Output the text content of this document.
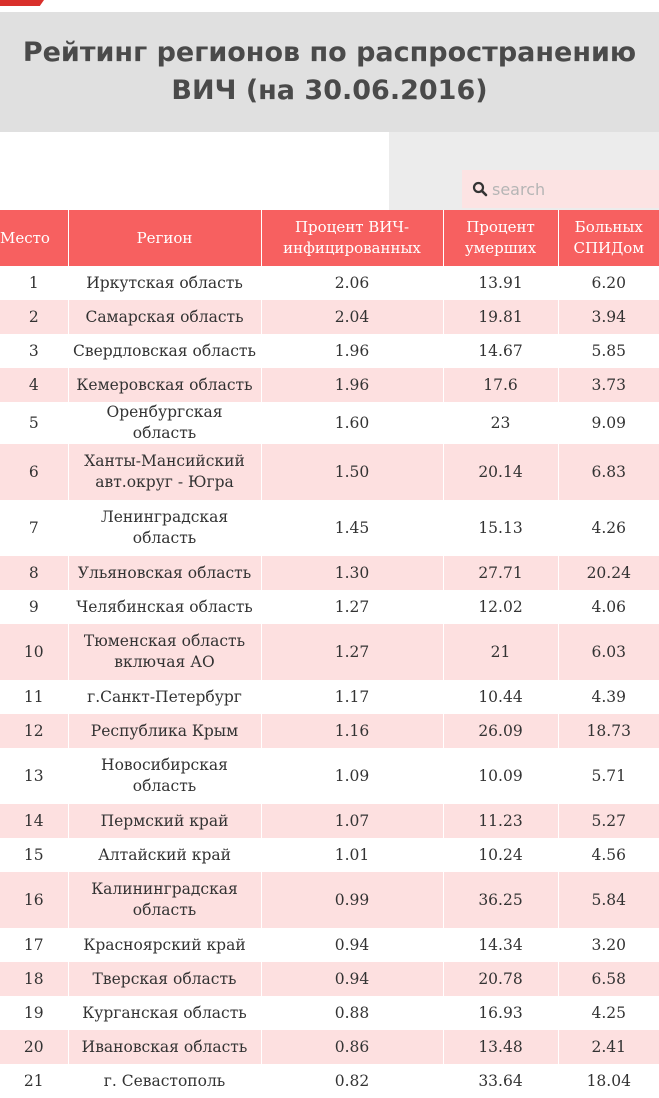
Рейтинг регионов по распространению ВИЧ (на 30.06.2016)
search
Место	Регион	Процент ВИЧ-инфицированных	Процент умерших	Больных СПИДом
1	Иркутская область	2.06	13.91	6.20
2	Самарская область	2.04	19.81	3.94
3	Свердловская область	1.96	14.67	5.85
4	Кемеровская область	1.96	17.6	3.73
5	Оренбургская область	1.60	23	9.09
6	Ханты-Мансийский авт.округ - Югра	1.50	20.14	6.83
7	Ленинградская область	1.45	15.13	4.26
8	Ульяновская область	1.30	27.71	20.24
9	Челябинская область	1.27	12.02	4.06
10	Тюменская область включая АО	1.27	21	6.03
11	г.Санкт-Петербург	1.17	10.44	4.39
12	Республика Крым	1.16	26.09	18.73
13	Новосибирская область	1.09	10.09	5.71
14	Пермский край	1.07	11.23	5.27
15	Алтайский край	1.01	10.24	4.56
16	Калининградская область	0.99	36.25	5.84
17	Красноярский край	0.94	14.34	3.20
18	Тверская область	0.94	20.78	6.58
19	Курганская область	0.88	16.93	4.25
20	Ивановская область	0.86	13.48	2.41
21	г. Севастополь	0.82	33.64	18.04
